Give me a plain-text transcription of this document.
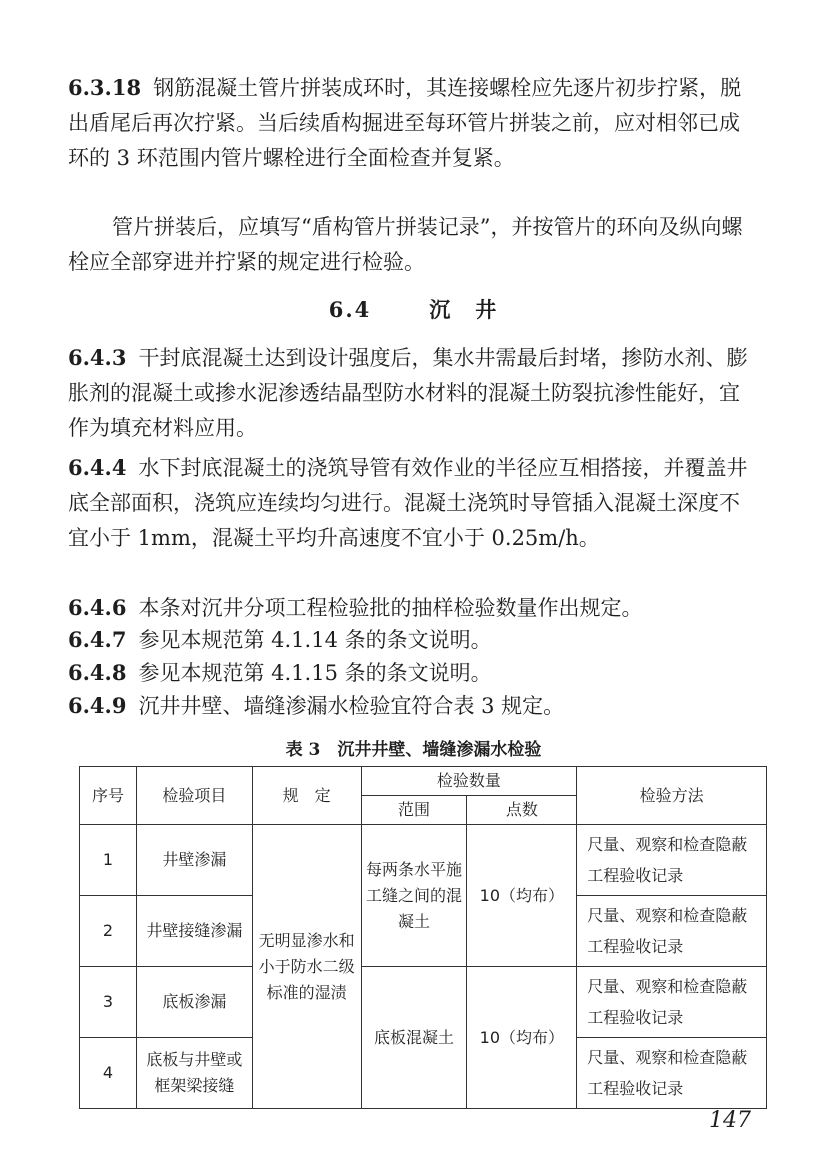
6.3.18 钢筋混凝土管片拼装成环时，其连接螺栓应先逐片初步拧紧，脱出盾尾后再次拧紧。当后续盾构掘进至每环管片拼装之前，应对相邻已成环的 3 环范围内管片螺栓进行全面检查并复紧。

管片拼装后，应填写“盾构管片拼装记录”，并按管片的环向及纵向螺栓应全部穿进并拧紧的规定进行检验。

6.4	沉　井

6.4.3 干封底混凝土达到设计强度后，集水井需最后封堵，掺防水剂、膨胀剂的混凝土或掺水泥渗透结晶型防水材料的混凝土防裂抗渗性能好，宜作为填充材料应用。

6.4.4 水下封底混凝土的浇筑导管有效作业的半径应互相搭接，并覆盖井底全部面积，浇筑应连续均匀进行。混凝土浇筑时导管插入混凝土深度不宜小于 1mm，混凝土平均升高速度不宜小于 0.25m/h。

6.4.6 本条对沉井分项工程检验批的抽样检验数量作出规定。

6.4.7 参见本规范第 4.1.14 条的条文说明。

6.4.8 参见本规范第 4.1.15 条的条文说明。

6.4.9 沉井井壁、墙缝渗漏水检验宜符合表 3 规定。

表 3　沉井井壁、墙缝渗漏水检验

序号	检验项目	规　定	检验数量		检验方法
			范围	点数	
1	井壁渗漏	无明显渗水和小于防水二级标准的湿渍	每两条水平施工缝之间的混凝土	10（均布）	尺量、观察和检查隐蔽工程验收记录
2	井壁接缝渗漏				尺量、观察和检查隐蔽工程验收记录
3	底板渗漏		底板混凝土	10（均布）	尺量、观察和检查隐蔽工程验收记录
4	底板与井壁或框架梁接缝				尺量、观察和检查隐蔽工程验收记录

147
